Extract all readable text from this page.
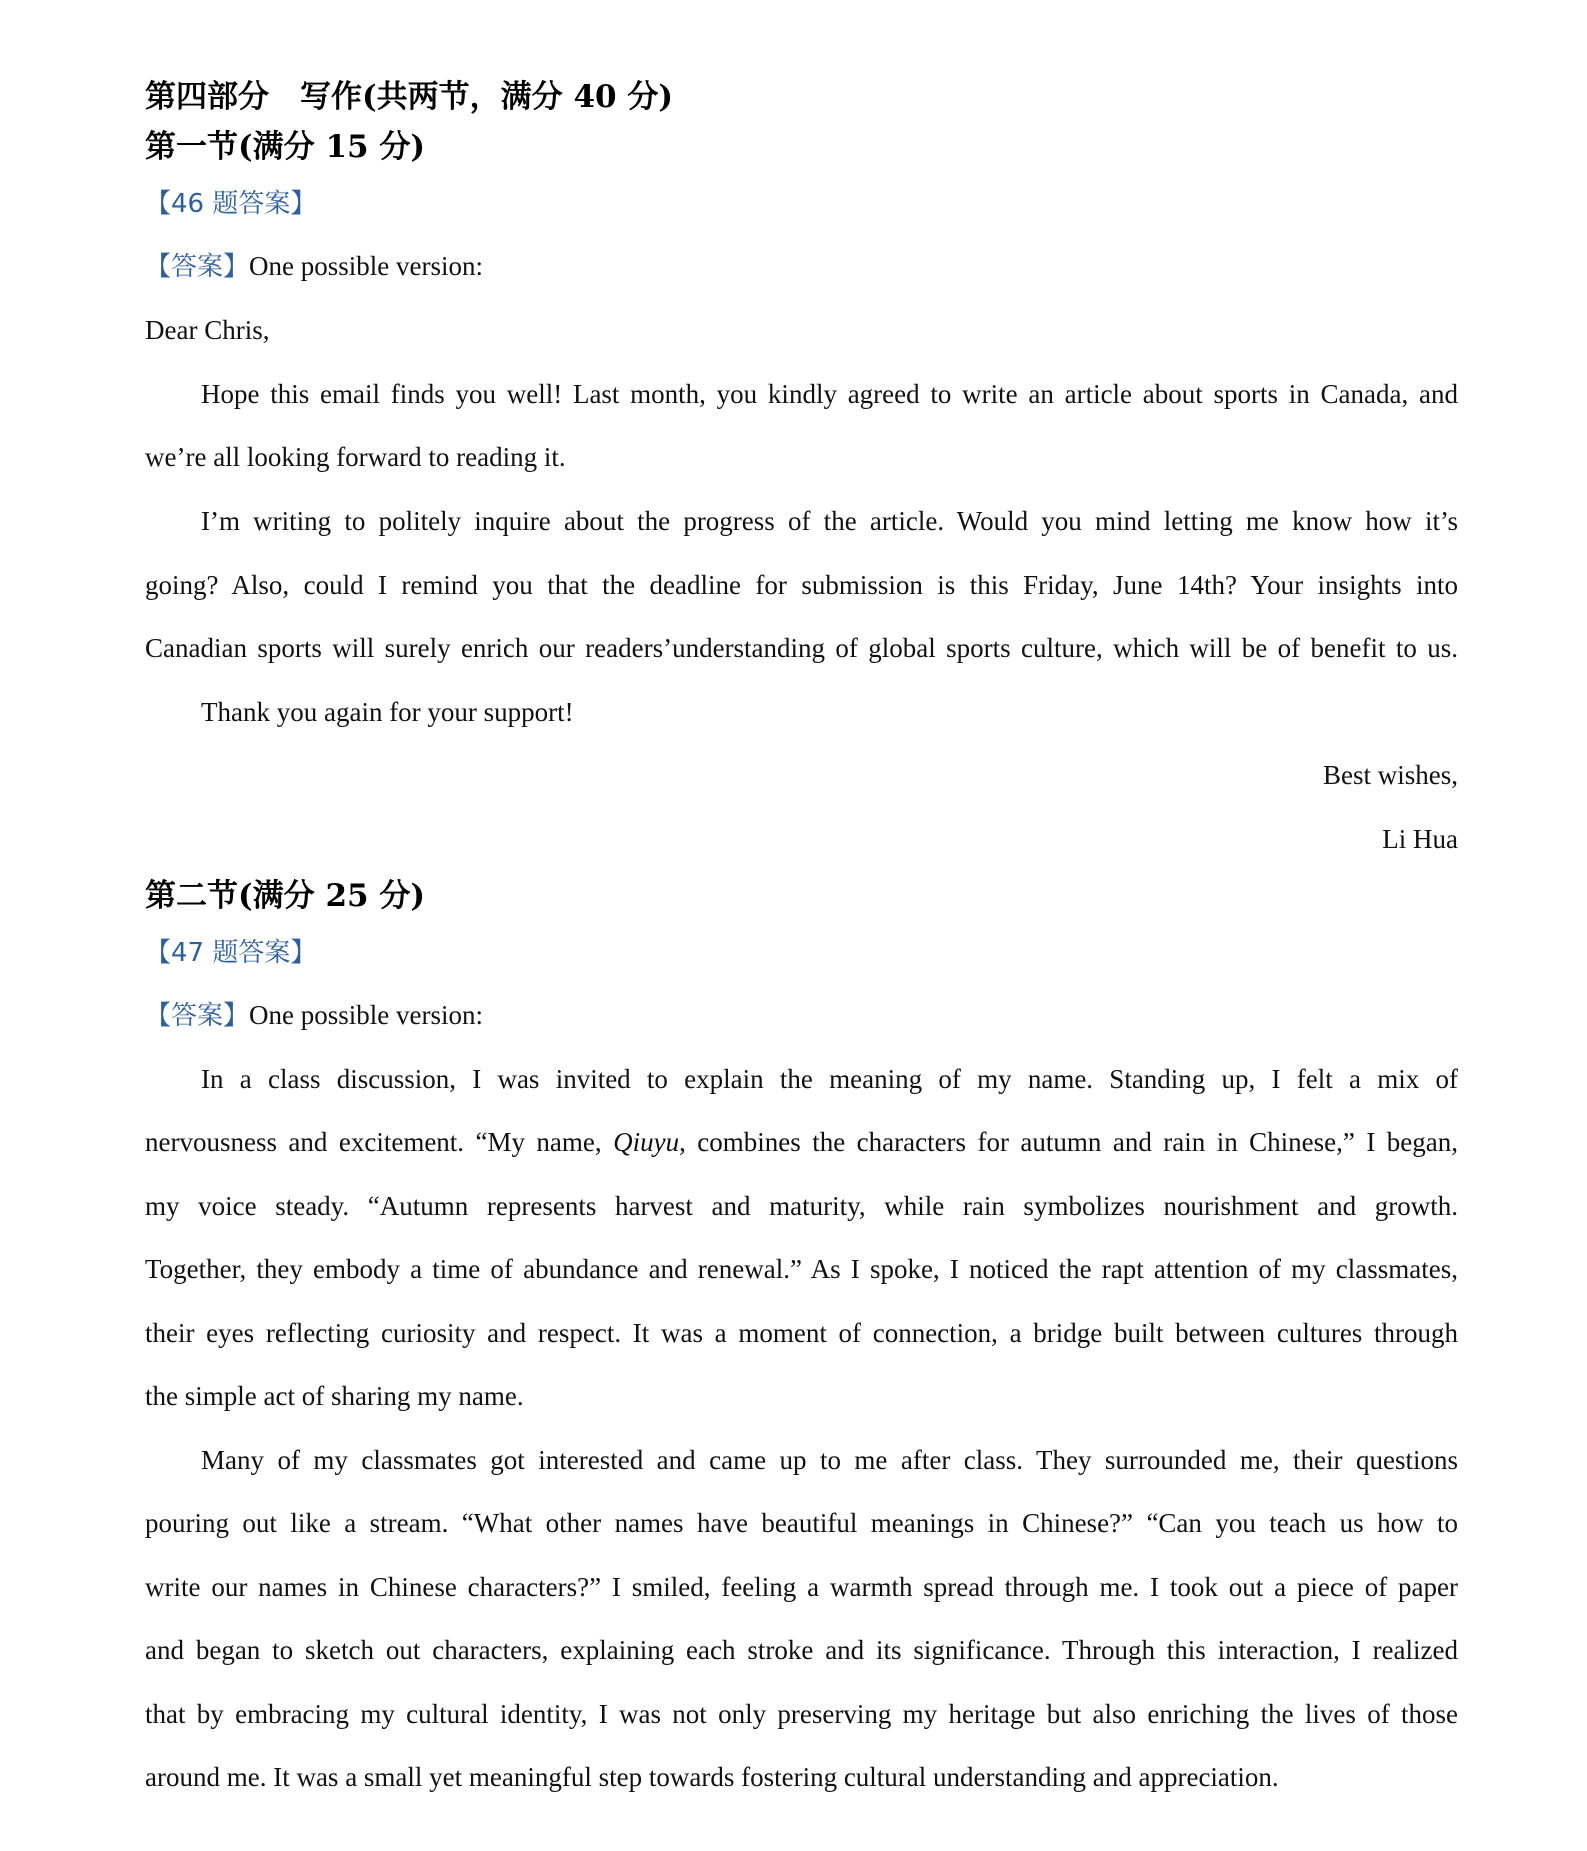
第四部分　写作(共两节，满分 40 分)
第一节(满分 15 分)
【46 题答案】
【答案】One possible version:
Dear Chris,
Hope this email finds you well! Last month, you kindly agreed to write an article about sports in Canada, and
we’re all looking forward to reading it.
I’m writing to politely inquire about the progress of the article. Would you mind letting me know how it’s
going? Also, could I remind you that the deadline for submission is this Friday, June 14th? Your insights into
Canadian sports will surely enrich our readers’understanding of global sports culture, which will be of benefit to us.
Thank you again for your support!
Best wishes,
Li Hua
第二节(满分 25 分)
【47 题答案】
【答案】One possible version:
In a class discussion, I was invited to explain the meaning of my name. Standing up, I felt a mix of
nervousness and excitement. “My name, Qiuyu, combines the characters for autumn and rain in Chinese,” I began,
my voice steady. “Autumn represents harvest and maturity, while rain symbolizes nourishment and growth.
Together, they embody a time of abundance and renewal.” As I spoke, I noticed the rapt attention of my classmates,
their eyes reflecting curiosity and respect. It was a moment of connection, a bridge built between cultures through
the simple act of sharing my name.
Many of my classmates got interested and came up to me after class. They surrounded me, their questions
pouring out like a stream. “What other names have beautiful meanings in Chinese?” “Can you teach us how to
write our names in Chinese characters?” I smiled, feeling a warmth spread through me. I took out a piece of paper
and began to sketch out characters, explaining each stroke and its significance. Through this interaction, I realized
that by embracing my cultural identity, I was not only preserving my heritage but also enriching the lives of those
around me. It was a small yet meaningful step towards fostering cultural understanding and appreciation.
